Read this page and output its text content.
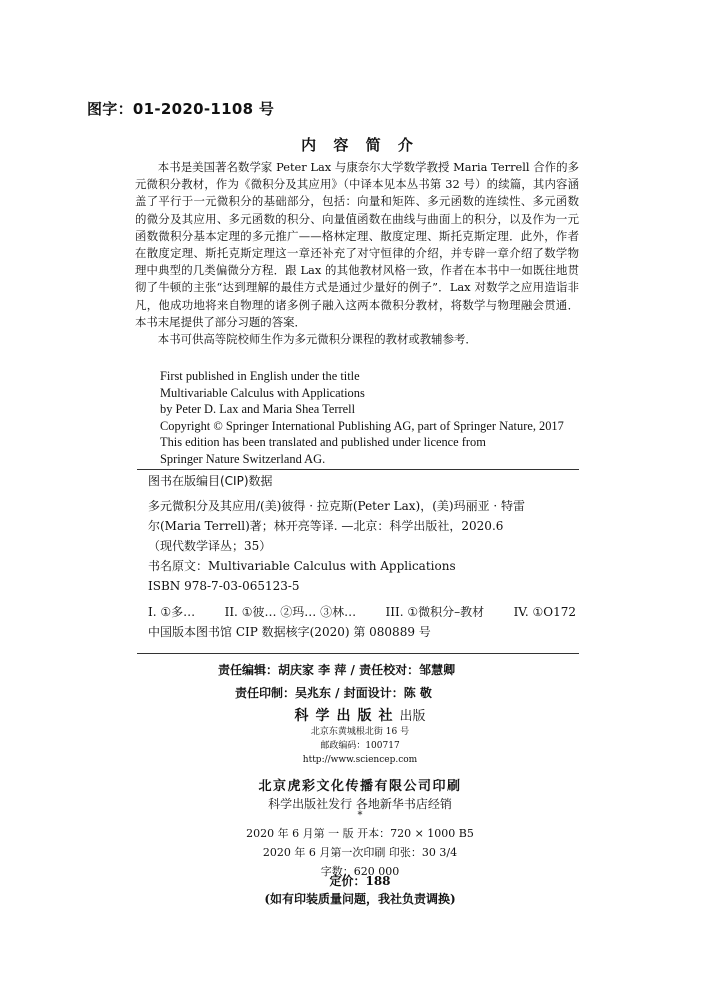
图字：01-2020-1108 号
内 容 简 介

本书是美国著名数学家 Peter Lax 与康奈尔大学数学教授 Maria Terrell 合作的多元微积分教材，作为《微积分及其应用》（中译本见本丛书第 32 号）的续篇，其内容涵盖了平行于一元微积分的基础部分，包括：向量和矩阵、多元函数的连续性、多元函数的微分及其应用、多元函数的积分、向量值函数在曲线与曲面上的积分，以及作为一元函数微积分基本定理的多元推广——格林定理、散度定理、斯托克斯定理．此外，作者在散度定理、斯托克斯定理这一章还补充了对守恒律的介绍，并专辟一章介绍了数学物理中典型的几类偏微分方程．跟 Lax 的其他教材风格一致，作者在本书中一如既往地贯彻了牛顿的主张“达到理解的最佳方式是通过少量好的例子”．Lax 对数学之应用造诣非凡，他成功地将来自物理的诸多例子融入这两本微积分教材，将数学与物理融会贯通．本书末尾提供了部分习题的答案．

本书可供高等院校师生作为多元微积分课程的教材或教辅参考．

First published in English under the title
Multivariable Calculus with Applications
by Peter D. Lax and Maria Shea Terrell
Copyright © Springer International Publishing AG, part of Springer Nature, 2017
This edition has been translated and published under licence from
Springer Nature Switzerland AG.
图书在版编目(CIP)数据
多元微积分及其应用/(美)彼得 · 拉克斯(Peter Lax)，(美)玛丽亚 · 特雷
尔(Maria Terrell)著；林开亮等译. —北京：科学出版社，2020.6
（现代数学译丛；35）
书名原文：Multivariable Calculus with Applications
ISBN 978-7-03-065123-5
I. ①多… II. ①彼… ②玛… ③林… III. ①微积分–教材 IV. ①O172
中国版本图书馆 CIP 数据核字(2020) 第 080889 号
责任编辑：胡庆家 李 萍 / 责任校对：邹慧卿
责任印制：吴兆东 / 封面设计：陈 敬
科学出版社出版
北京东黄城根北街 16 号
邮政编码：100717
http://www.sciencep.com
北京虎彩文化传播有限公司印刷
科学出版社发行 各地新华书店经销
*
2020 年 6 月第 一 版 开本：720 × 1000 B5
2020 年 6 月第一次印刷 印张：30 3/4
字数：620 000
定价：188
(如有印装质量问题，我社负责调换)
